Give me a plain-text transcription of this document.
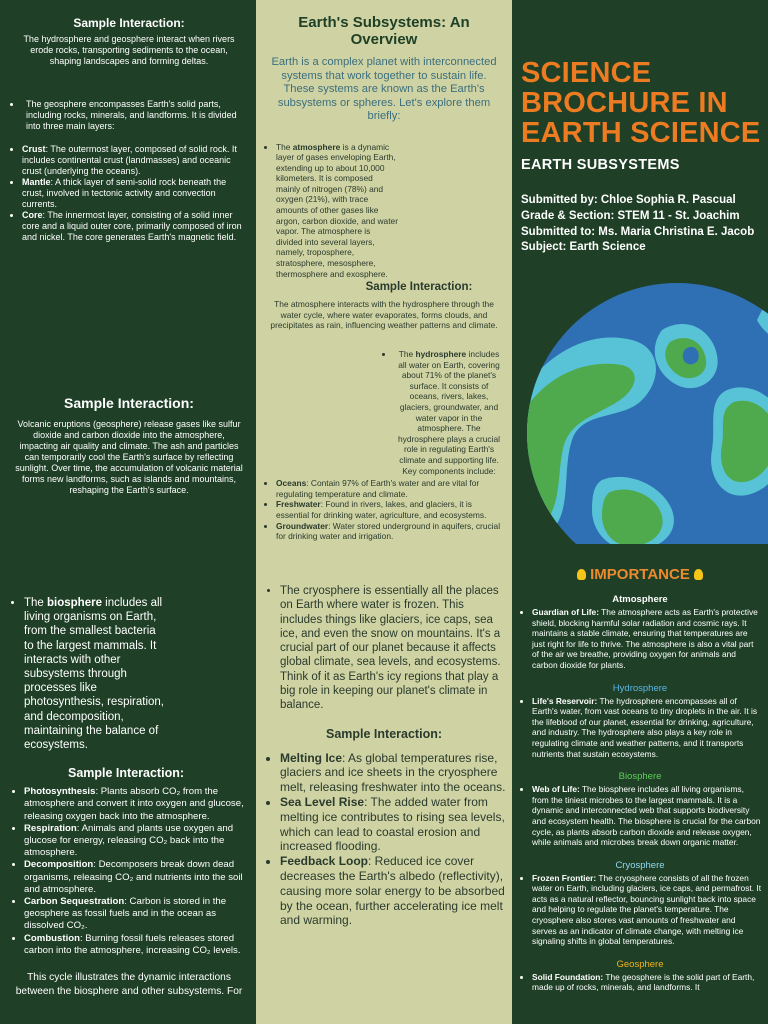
Sample Interaction:

The hydrosphere and geosphere interact when rivers erode rocks, transporting sediments to the ocean, shaping landscapes and forming deltas.

• The geosphere encompasses Earth's solid parts, including rocks, minerals, and landforms. It is divided into three main layers:
• Crust: The outermost layer, composed of solid rock. It includes continental crust (landmasses) and oceanic crust (underlying the oceans).
• Mantle: A thick layer of semi-solid rock beneath the crust, involved in tectonic activity and convection currents.
• Core: The innermost layer, consisting of a solid inner core and a liquid outer core, primarily composed of iron and nickel. The core generates Earth's magnetic field.
Sample Interaction:

Volcanic eruptions (geosphere) release gases like sulfur dioxide and carbon dioxide into the atmosphere, impacting air quality and climate. The ash and particles can temporarily cool the Earth's surface by reflecting sunlight. Over time, the accumulation of volcanic material forms new landforms, such as islands and mountains, reshaping the Earth's surface.

Earth's Subsystems: An Overview

Earth is a complex planet with interconnected systems that work together to sustain life. These systems are known as the Earth's subsystems or spheres. Let's explore them briefly:

• The atmosphere is a dynamic layer of gases enveloping Earth, extending up to about 10,000 kilometers. It is composed mainly of nitrogen (78%) and oxygen (21%), with trace amounts of other gases like argon, carbon dioxide, and water vapor. The atmosphere is divided into several layers, namely, troposphere, stratosphere, mesosphere, thermosphere and exosphere.
Sample Interaction:

The atmosphere interacts with the hydrosphere through the water cycle, where water evaporates, forms clouds, and precipitates as rain, influencing weather patterns and climate.

• The hydrosphere includes all water on Earth, covering about 71% of the planet's surface. It consists of oceans, rivers, lakes, glaciers, groundwater, and water vapor in the atmosphere. The hydrosphere plays a crucial role in regulating Earth's climate and supporting life. Key components include:
• Oceans: Contain 97% of Earth's water and are vital for regulating temperature and climate.
• Freshwater: Found in rivers, lakes, and glaciers, it is essential for drinking water, agriculture, and ecosystems.
• Groundwater: Water stored underground in aquifers, crucial for drinking water and irrigation.
SCIENCE BROCHURE IN EARTH SCIENCE
EARTH SUBSYSTEMS
Submitted by: Chloe Sophia R. Pascual
Grade & Section: STEM 11 - St. Joachim
Submitted to: Ms. Maria Christina E. Jacob
Subject: Earth Science
• The biosphere includes all living organisms on Earth, from the smallest bacteria to the largest mammals. It interacts with other subsystems through processes like photosynthesis, respiration, and decomposition, maintaining the balance of ecosystems.
Sample Interaction:
• Photosynthesis: Plants absorb CO₂ from the atmosphere and convert it into oxygen and glucose, releasing oxygen back into the atmosphere.
• Respiration: Animals and plants use oxygen and glucose for energy, releasing CO₂ back into the atmosphere.
• Decomposition: Decomposers break down dead organisms, releasing CO₂ and nutrients into the soil and atmosphere.
• Carbon Sequestration: Carbon is stored in the geosphere as fossil fuels and in the ocean as dissolved CO₂.
• Combustion: Burning fossil fuels releases stored carbon into the atmosphere, increasing CO₂ levels.

This cycle illustrates the dynamic interactions between the biosphere and other subsystems. For

• The cryosphere is essentially all the places on Earth where water is frozen. This includes things like glaciers, ice caps, sea ice, and even the snow on mountains. It's a crucial part of our planet because it affects global climate, sea levels, and ecosystems. Think of it as Earth's icy regions that play a big role in keeping our planet's climate in balance.
Sample Interaction:
• Melting Ice: As global temperatures rise, glaciers and ice sheets in the cryosphere melt, releasing freshwater into the oceans.
• Sea Level Rise: The added water from melting ice contributes to rising sea levels, which can lead to coastal erosion and increased flooding.
• Feedback Loop: Reduced ice cover decreases the Earth's albedo (reflectivity), causing more solar energy to be absorbed by the ocean, further accelerating ice melt and warming.
IMPORTANCE
Atmosphere
• Guardian of Life: The atmosphere acts as Earth's protective shield, blocking harmful solar radiation and cosmic rays. It maintains a stable climate, ensuring that temperatures are just right for life to thrive. The atmosphere is also a vital part of the air we breathe, providing oxygen for animals and carbon dioxide for plants.
Hydrosphere
• Life's Reservoir: The hydrosphere encompasses all of Earth's water, from vast oceans to tiny droplets in the air. It is the lifeblood of our planet, essential for drinking, agriculture, and industry. The hydrosphere also plays a key role in regulating climate and weather patterns, and it transports nutrients that sustain ecosystems.
Biosphere
• Web of Life: The biosphere includes all living organisms, from the tiniest microbes to the largest mammals. It is a dynamic and interconnected web that supports biodiversity and ecosystem health. The biosphere is crucial for the carbon cycle, as plants absorb carbon dioxide and release oxygen, while animals and microbes break down organic matter.
Cryosphere
• Frozen Frontier: The cryosphere consists of all the frozen water on Earth, including glaciers, ice caps, and permafrost. It acts as a natural reflector, bouncing sunlight back into space and helping to regulate the planet's temperature. The cryosphere also stores vast amounts of freshwater and serves as an indicator of climate change, with melting ice signaling shifts in global temperatures.
Geosphere
• Solid Foundation: The geosphere is the solid part of Earth, made up of rocks, minerals, and landforms. It
